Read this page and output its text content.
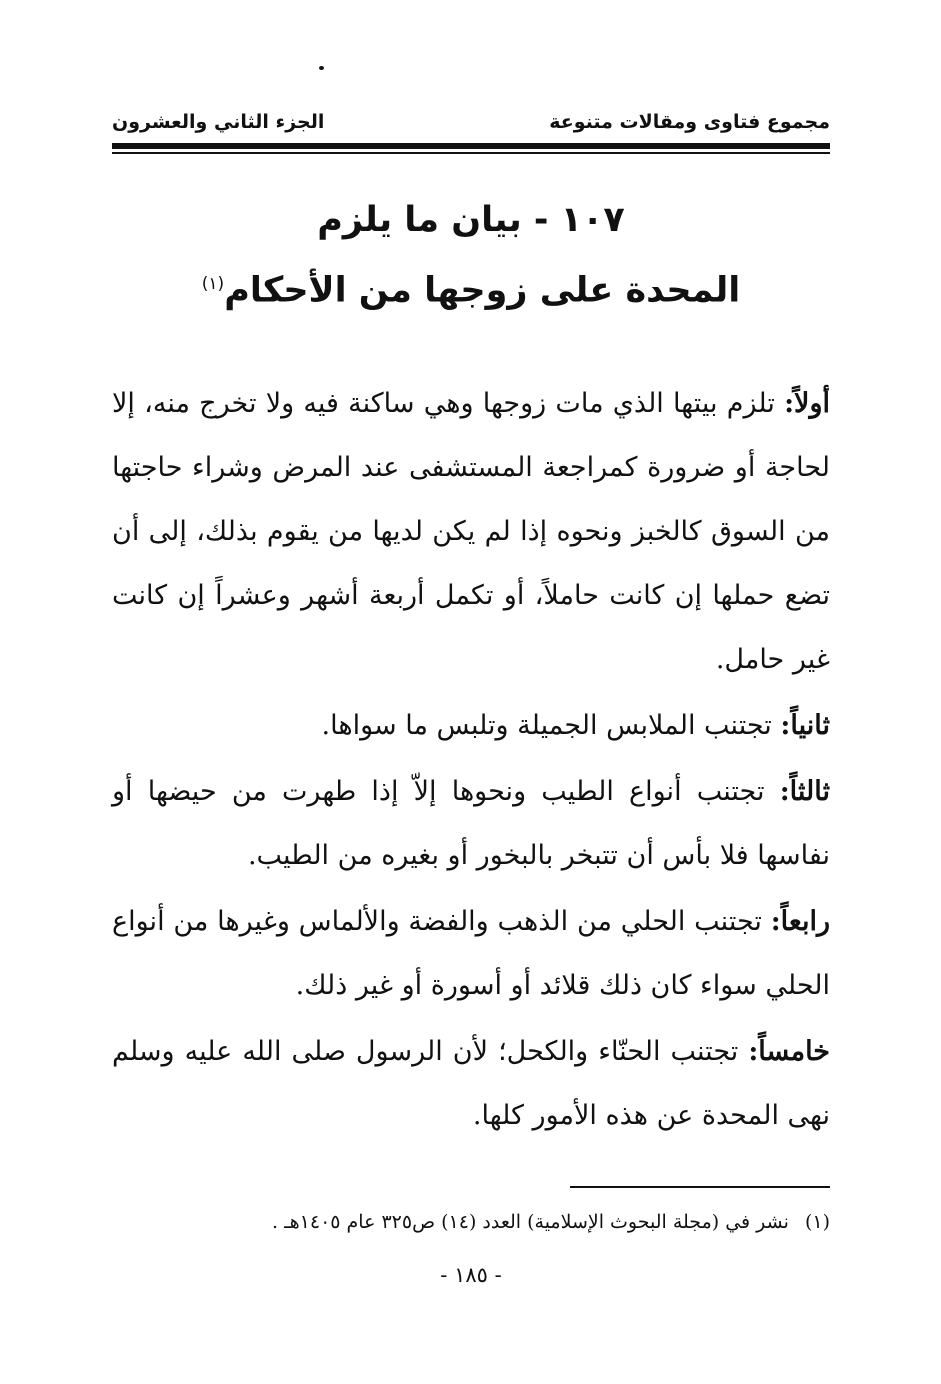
مجموع فتاوى ومقالات متنوعة
الجزء الثاني والعشرون
١٠٧ - بيان ما يلزم
المحدة على زوجها من الأحكام$^{(١)}$

أولاً: تلزم بيتها الذي مات زوجها وهي ساكنة فيه ولا تخرج منه، إلا لحاجة أو ضرورة كمراجعة المستشفى عند المرض وشراء حاجتها من السوق كالخبز ونحوه إذا لم يكن لديها من يقوم بذلك، إلى أن تضع حملها إن كانت حاملاً، أو تكمل أربعة أشهر وعشراً إن كانت غير حامل.

ثانياً: تجتنب الملابس الجميلة وتلبس ما سواها.

ثالثاً: تجتنب أنواع الطيب ونحوها إلاّ إذا طهرت من حيضها أو نفاسها فلا بأس أن تتبخر بالبخور أو بغيره من الطيب.

رابعاً: تجتنب الحلي من الذهب والفضة والألماس وغيرها من أنواع الحلي سواء كان ذلك قلائد أو أسورة أو غير ذلك.

خامساً: تجتنب الحنّاء والكحل؛ لأن الرسول صلى الله عليه وسلم نهى المحدة عن هذه الأمور كلها.

(١) نشر في (مجلة البحوث الإسلامية) العدد (١٤) ص٣٢٥ عام ١٤٠٥هـ .
- ١٨٥ -
